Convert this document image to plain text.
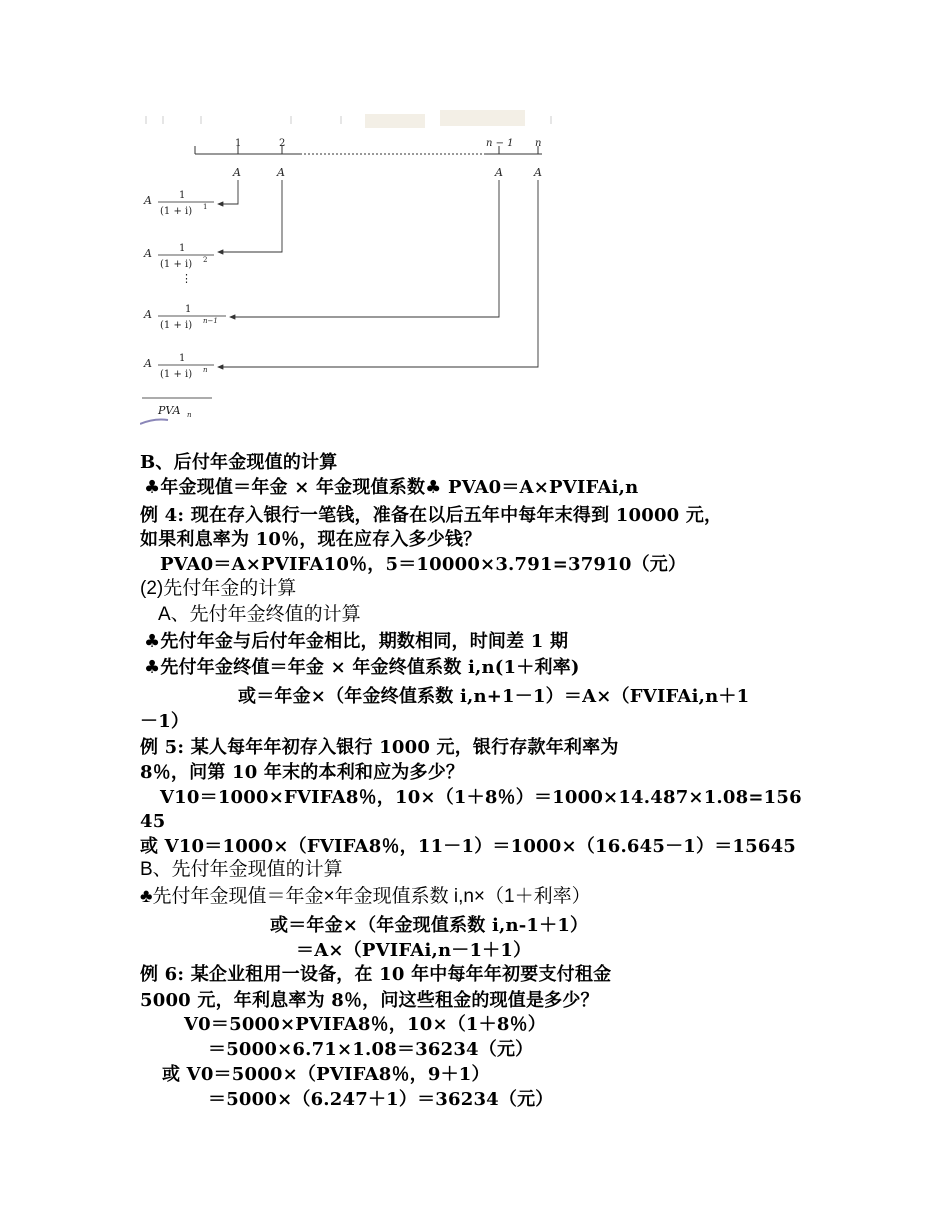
1	2	n − 1 n
A	A	A	A
A	1
(1 + i) 1
A	1
(1 + i) 2
⋮
A	1
(1 + i) n−1
A	1
(1 + i) n
PVA n
B、后付年金现值的计算
♣年金现值＝年金 × 年金现值系数♣ PVA0＝A×PVIFAi,n
例 4: 现在存入银行一笔钱，准备在以后五年中每年末得到 10000 元，
如果利息率为 10％，现在应存入多少钱？
PVA0＝A×PVIFA10％，5＝10000×3.791=37910（元）
(2)先付年金的计算
A、先付年金终值的计算
♣先付年金与后付年金相比，期数相同，时间差 1 期
♣先付年金终值＝年金 × 年金终值系数 i,n(1＋利率)
或＝年金×（年金终值系数 i,n+1－1）＝A×（FVIFAi,n＋1
－1）
例 5: 某人每年年初存入银行 1000 元，银行存款年利率为
8％，问第 10 年末的本利和应为多少？
V10＝1000×FVIFA8％，10×（1＋8％）＝1000×14.487×1.08=156
45
或 V10＝1000×（FVIFA8％，11－1）＝1000×（16.645－1）＝15645
B、先付年金现值的计算
♣先付年金现值＝年金×年金现值系数 i,n×（1＋利率）
或＝年金×（年金现值系数 i,n-1＋1）
＝A×（PVIFAi,n－1＋1）
例 6: 某企业租用一设备，在 10 年中每年年初要支付租金
5000 元，年利息率为 8％，问这些租金的现值是多少？
V0＝5000×PVIFA8％，10×（1＋8％）
＝5000×6.71×1.08＝36234（元）
或 V0＝5000×（PVIFA8％，9＋1）
＝5000×（6.247＋1）＝36234（元）
